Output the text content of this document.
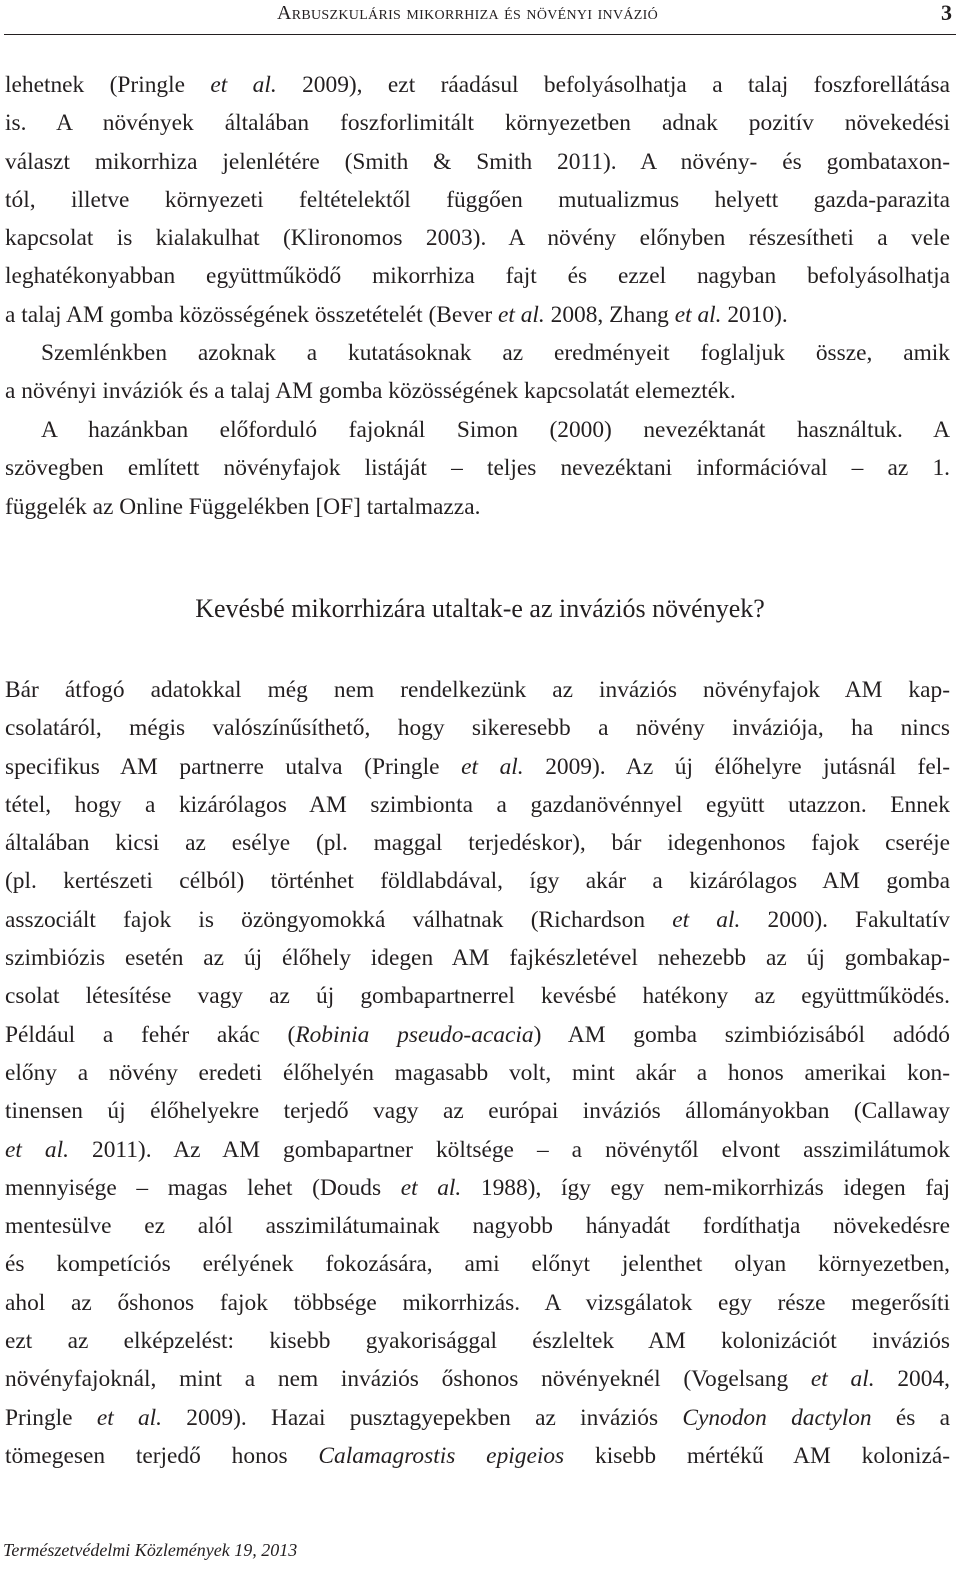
Arbuszkuláris mikorrhiza és növényi invázió	3
lehetnek (Pringle et al. 2009), ezt ráadásul befolyásolhatja a talaj foszforellátása
is. A növények általában foszforlimitált környezetben adnak pozitív növekedési
választ mikorrhiza jelenlétére (Smith & Smith 2011). A növény- és gombataxon-
tól, illetve környezeti feltételektől függően mutualizmus helyett gazda-parazita
kapcsolat is kialakulhat (Klironomos 2003). A növény előnyben részesítheti a vele
leghatékonyabban együttműködő mikorrhiza fajt és ezzel nagyban befolyásolhatja
a talaj AM gomba közösségének összetételét (Bever et al. 2008, Zhang et al. 2010).
Szemlénkben azoknak a kutatásoknak az eredményeit foglaljuk össze, amik
a növényi inváziók és a talaj AM gomba közösségének kapcsolatát elemezték.
A hazánkban előforduló fajoknál Simon (2000) nevezéktanát használtuk. A
szövegben említett növényfajok listáját – teljes nevezéktani információval – az 1.
függelék az Online Függelékben [OF] tartalmazza.
Kevésbé mikorrhizára utaltak-e az inváziós növények?
Bár átfogó adatokkal még nem rendelkezünk az inváziós növényfajok AM kap-
csolatáról, mégis valószínűsíthető, hogy sikeresebb a növény inváziója, ha nincs
specifikus AM partnerre utalva (Pringle et al. 2009). Az új élőhelyre jutásnál fel-
tétel, hogy a kizárólagos AM szimbionta a gazdanövénnyel együtt utazzon. Ennek
általában kicsi az esélye (pl. maggal terjedéskor), bár idegenhonos fajok cseréje
(pl. kertészeti célból) történhet földlabdával, így akár a kizárólagos AM gomba
asszociált fajok is özöngyomokká válhatnak (Richardson et al. 2000). Fakultatív
szimbiózis esetén az új élőhely idegen AM fajkészletével nehezebb az új gombakap-
csolat létesítése vagy az új gombapartnerrel kevésbé hatékony az együttműködés.
Például a fehér akác (Robinia pseudo-acacia) AM gomba szimbiózisából adódó
előny a növény eredeti élőhelyén magasabb volt, mint akár a honos amerikai kon-
tinensen új élőhelyekre terjedő vagy az európai inváziós állományokban (Callaway
et al. 2011). Az AM gombapartner költsége – a növénytől elvont asszimilátumok
mennyisége – magas lehet (Douds et al. 1988), így egy nem-mikorrhizás idegen faj
mentesülve ez alól asszimilátumainak nagyobb hányadát fordíthatja növekedésre
és kompetíciós erélyének fokozására, ami előnyt jelenthet olyan környezetben,
ahol az őshonos fajok többsége mikorrhizás. A vizsgálatok egy része megerősíti
ezt az elképzelést: kisebb gyakorisággal észleltek AM kolonizációt inváziós
növényfajoknál, mint a nem inváziós őshonos növényeknél (Vogelsang et al. 2004,
Pringle et al. 2009). Hazai pusztagyepekben az inváziós Cynodon dactylon és a
tömegesen terjedő honos Calamagrostis epigeios kisebb mértékű AM kolonizá-
Természetvédelmi Közlemények 19, 2013
